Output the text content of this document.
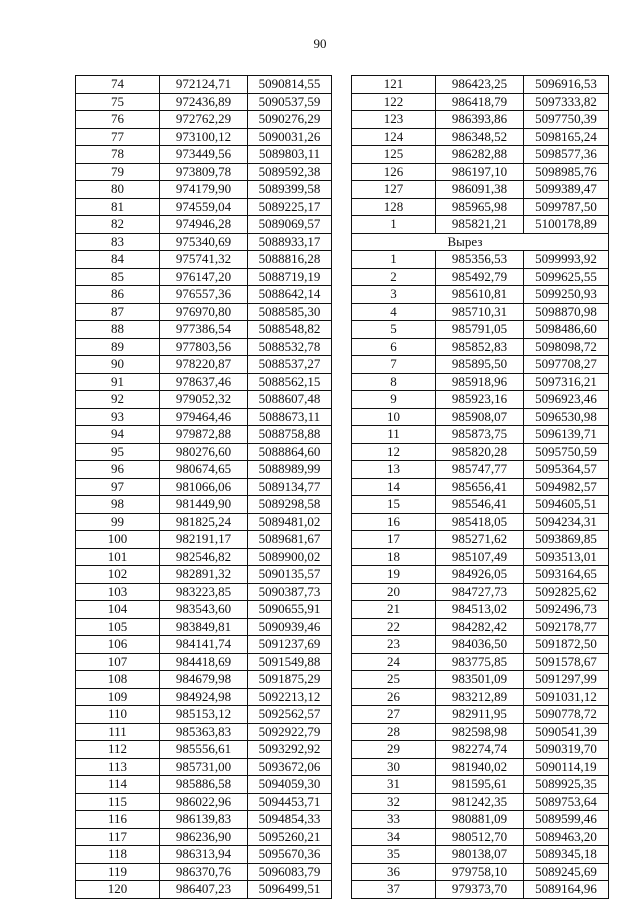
90
74	972124,71	5090814,55
75	972436,89	5090537,59
76	972762,29	5090276,29
77	973100,12	5090031,26
78	973449,56	5089803,11
79	973809,78	5089592,38
80	974179,90	5089399,58
81	974559,04	5089225,17
82	974946,28	5089069,57
83	975340,69	5088933,17
84	975741,32	5088816,28
85	976147,20	5088719,19
86	976557,36	5088642,14
87	976970,80	5088585,30
88	977386,54	5088548,82
89	977803,56	5088532,78
90	978220,87	5088537,27
91	978637,46	5088562,15
92	979052,32	5088607,48
93	979464,46	5088673,11
94	979872,88	5088758,88
95	980276,60	5088864,60
96	980674,65	5088989,99
97	981066,06	5089134,77
98	981449,90	5089298,58
99	981825,24	5089481,02
100	982191,17	5089681,67
101	982546,82	5089900,02
102	982891,32	5090135,57
103	983223,85	5090387,73
104	983543,60	5090655,91
105	983849,81	5090939,46
106	984141,74	5091237,69
107	984418,69	5091549,88
108	984679,98	5091875,29
109	984924,98	5092213,12
110	985153,12	5092562,57
111	985363,83	5092922,79
112	985556,61	5093292,92
113	985731,00	5093672,06
114	985886,58	5094059,30
115	986022,96	5094453,71
116	986139,83	5094854,33
117	986236,90	5095260,21
118	986313,94	5095670,36
119	986370,76	5096083,79
120	986407,23	5096499,51
121	986423,25	5096916,53
122	986418,79	5097333,82
123	986393,86	5097750,39
124	986348,52	5098165,24
125	986282,88	5098577,36
126	986197,10	5098985,76
127	986091,38	5099389,47
128	985965,98	5099787,50
1	985821,21	5100178,89
	Вырез	
1	985356,53	5099993,92
2	985492,79	5099625,55
3	985610,81	5099250,93
4	985710,31	5098870,98
5	985791,05	5098486,60
6	985852,83	5098098,72
7	985895,50	5097708,27
8	985918,96	5097316,21
9	985923,16	5096923,46
10	985908,07	5096530,98
11	985873,75	5096139,71
12	985820,28	5095750,59
13	985747,77	5095364,57
14	985656,41	5094982,57
15	985546,41	5094605,51
16	985418,05	5094234,31
17	985271,62	5093869,85
18	985107,49	5093513,01
19	984926,05	5093164,65
20	984727,73	5092825,62
21	984513,02	5092496,73
22	984282,42	5092178,77
23	984036,50	5091872,50
24	983775,85	5091578,67
25	983501,09	5091297,99
26	983212,89	5091031,12
27	982911,95	5090778,72
28	982598,98	5090541,39
29	982274,74	5090319,70
30	981940,02	5090114,19
31	981595,61	5089925,35
32	981242,35	5089753,64
33	980881,09	5089599,46
34	980512,70	5089463,20
35	980138,07	5089345,18
36	979758,10	5089245,69
37	979373,70	5089164,96
